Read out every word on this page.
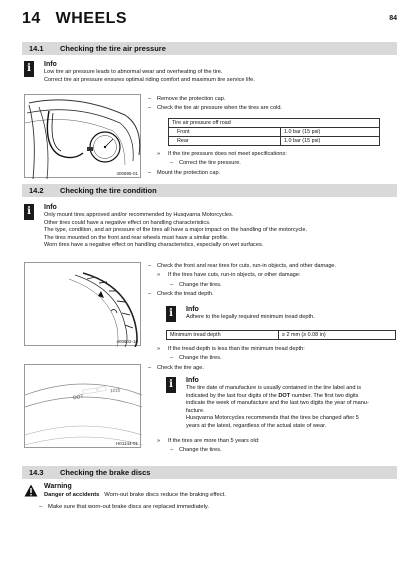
14 WHEELS	84
14.1 Checking the tire air pressure
i	Info
Low tire air pressure leads to abnormal wear and overheating of the tire.
Correct tire air pressure ensures optimal riding comfort and maximum tire service life.
400695-01
– Remove the protection cap.
– Check the tire air pressure when the tires are cold.
Tire air pressure off road	
Front	1.0 bar (15 psi)
Rear	1.0 bar (15 psi)
» If the tire pressure does not meet specifications:
– Correct the tire pressure.
– Mount the protection cap.
14.2 Checking the tire condition
i	Info
Only mount tires approved and/or recommended by Husqvarna Motorcycles.
Other tires could have a negative effect on handling characteristics.
The type, condition, and air pressure of the tires all have a major impact on the handling of the motorcycle.
The tires mounted on the front and rear wheels must have a similar profile.
Worn tires have a negative effect on handling characteristics, especially on wet surfaces.
400602-10
– Check the front and rear tires for cuts, run-in objects, and other damage.
» If the tires have cuts, run-in objects, or other damage:
– Change the tires.
– Check the tread depth.
i	Info
Adhere to the legally required minimum tread depth.
Minimum tread depth	≥ 2 mm (≥ 0.08 in)
» If the tread depth is less than the minimum tread depth:
– Change the tires.
– Check the tire age.
DOT
1215
H01144-01
i	Info
The tire date of manufacture is usually contained in the tire label and is
indicated by the last four digits of the DOT number. The first two digits
indicate the week of manufacture and the last two digits the year of manu-
facture.
Husqvarna Motorcycles recommends that the tires be changed after 5
years at the latest, regardless of the actual state of wear.
» If the tires are more than 5 years old:
– Change the tires.
14.3 Checking the brake discs
Warning
Danger of accidents Worn-out brake discs reduce the braking effect.
– Make sure that worn-out brake discs are replaced immediately.
